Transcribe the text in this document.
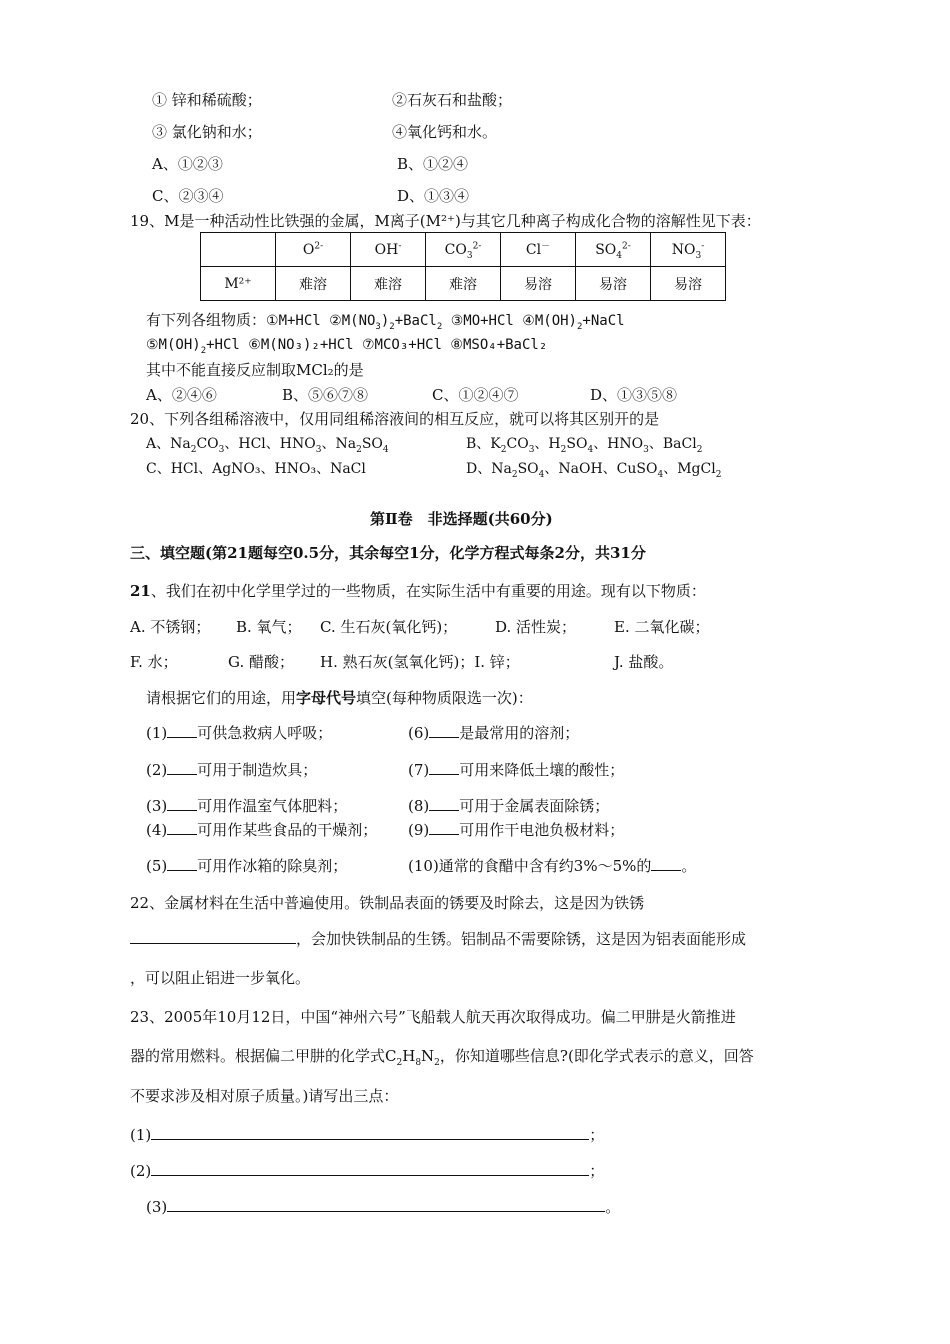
① 锌和稀硫酸；	②石灰石和盐酸；
③ 氯化钠和水；	④氧化钙和水。
A、①②③	B、①②④
C、②③④	D、①③④
19、M是一种活动性比铁强的金属，M离子(M²⁺)与其它几种离子构成化合物的溶解性见下表：
	$O^{2-}$	OH-	$CO_3^{2-}$	Cl－	$SO_4^{2-}$	$NO_3^-$
M²⁺	难溶	难溶	难溶	易溶	易溶	易溶
有下列各组物质：①M+HCl $②M(NO_3)_2+BaCl_2$ ③MO+HCl $④M(OH)_2+NaCl$
$⑤M(OH)_2+HCl$ ⑥M(NO₃)₂+HCl ⑦MCO₃+HCl ⑧MSO₄+BaCl₂
其中不能直接反应制取MCl₂的是
A、②④⑥	B、⑤⑥⑦⑧	C、①②④⑦	D、①③⑤⑧
20、下列各组稀溶液中，仅用同组稀溶液间的相互反应，就可以将其区别开的是
A、$Na_2CO_3$、HCl、$HNO_3$、$Na_2SO_4$	B、$K_2CO_3$、$H_2SO_4$、$HNO_3$、BaCl$_2$
C、HCl、AgNO₃、HNO₃、NaCl	D、$Na_2SO_4$、NaOH、CuSO$_4$、MgCl$_2$
第Ⅱ卷　非选择题(共60分)
三、填空题(第21题每空0.5分，其余每空1分，化学方程式每条2分，共31分
21、我们在初中化学里学过的一些物质，在实际生活中有重要的用途。现有以下物质：
A. 不锈钢； B. 氧气； C. 生石灰(氧化钙)；	D. 活性炭；	E. 二氧化碳；
F. 水；	G. 醋酸； H. 熟石灰(氢氧化钙)；I. 锌；	J. 盐酸。
请根据它们的用途，用字母代号填空(每种物质限选一次)：
(1) 可供急救病人呼吸；
(2) 可用于制造炊具；
(3) 可用作温室气体肥料；
(4) 可用作某些食品的干燥剂；
(5) 可用作冰箱的除臭剂；
(6) 是最常用的溶剂；
(7) 可用来降低土壤的酸性；
(8) 可用于金属表面除锈；
(9) 可用作干电池负极材料；
(10)通常的食醋中含有约3%～5%的 。
22、金属材料在生活中普遍使用。铁制品表面的锈要及时除去，这是因为铁锈
，会加快铁制品的生锈。铝制品不需要除锈，这是因为铝表面能形成
，可以阻止铝进一步氧化。
23、2005年10月12日，中国“神州六号”飞船载人航天再次取得成功。偏二甲肼是火箭推进
器的常用燃料。根据偏二甲肼的化学式$C_2H_8N_2$，你知道哪些信息?(即化学式表示的意义，回答
不要求涉及相对原子质量。)请写出三点：
(1)	；
(2)	；
(3)	。
